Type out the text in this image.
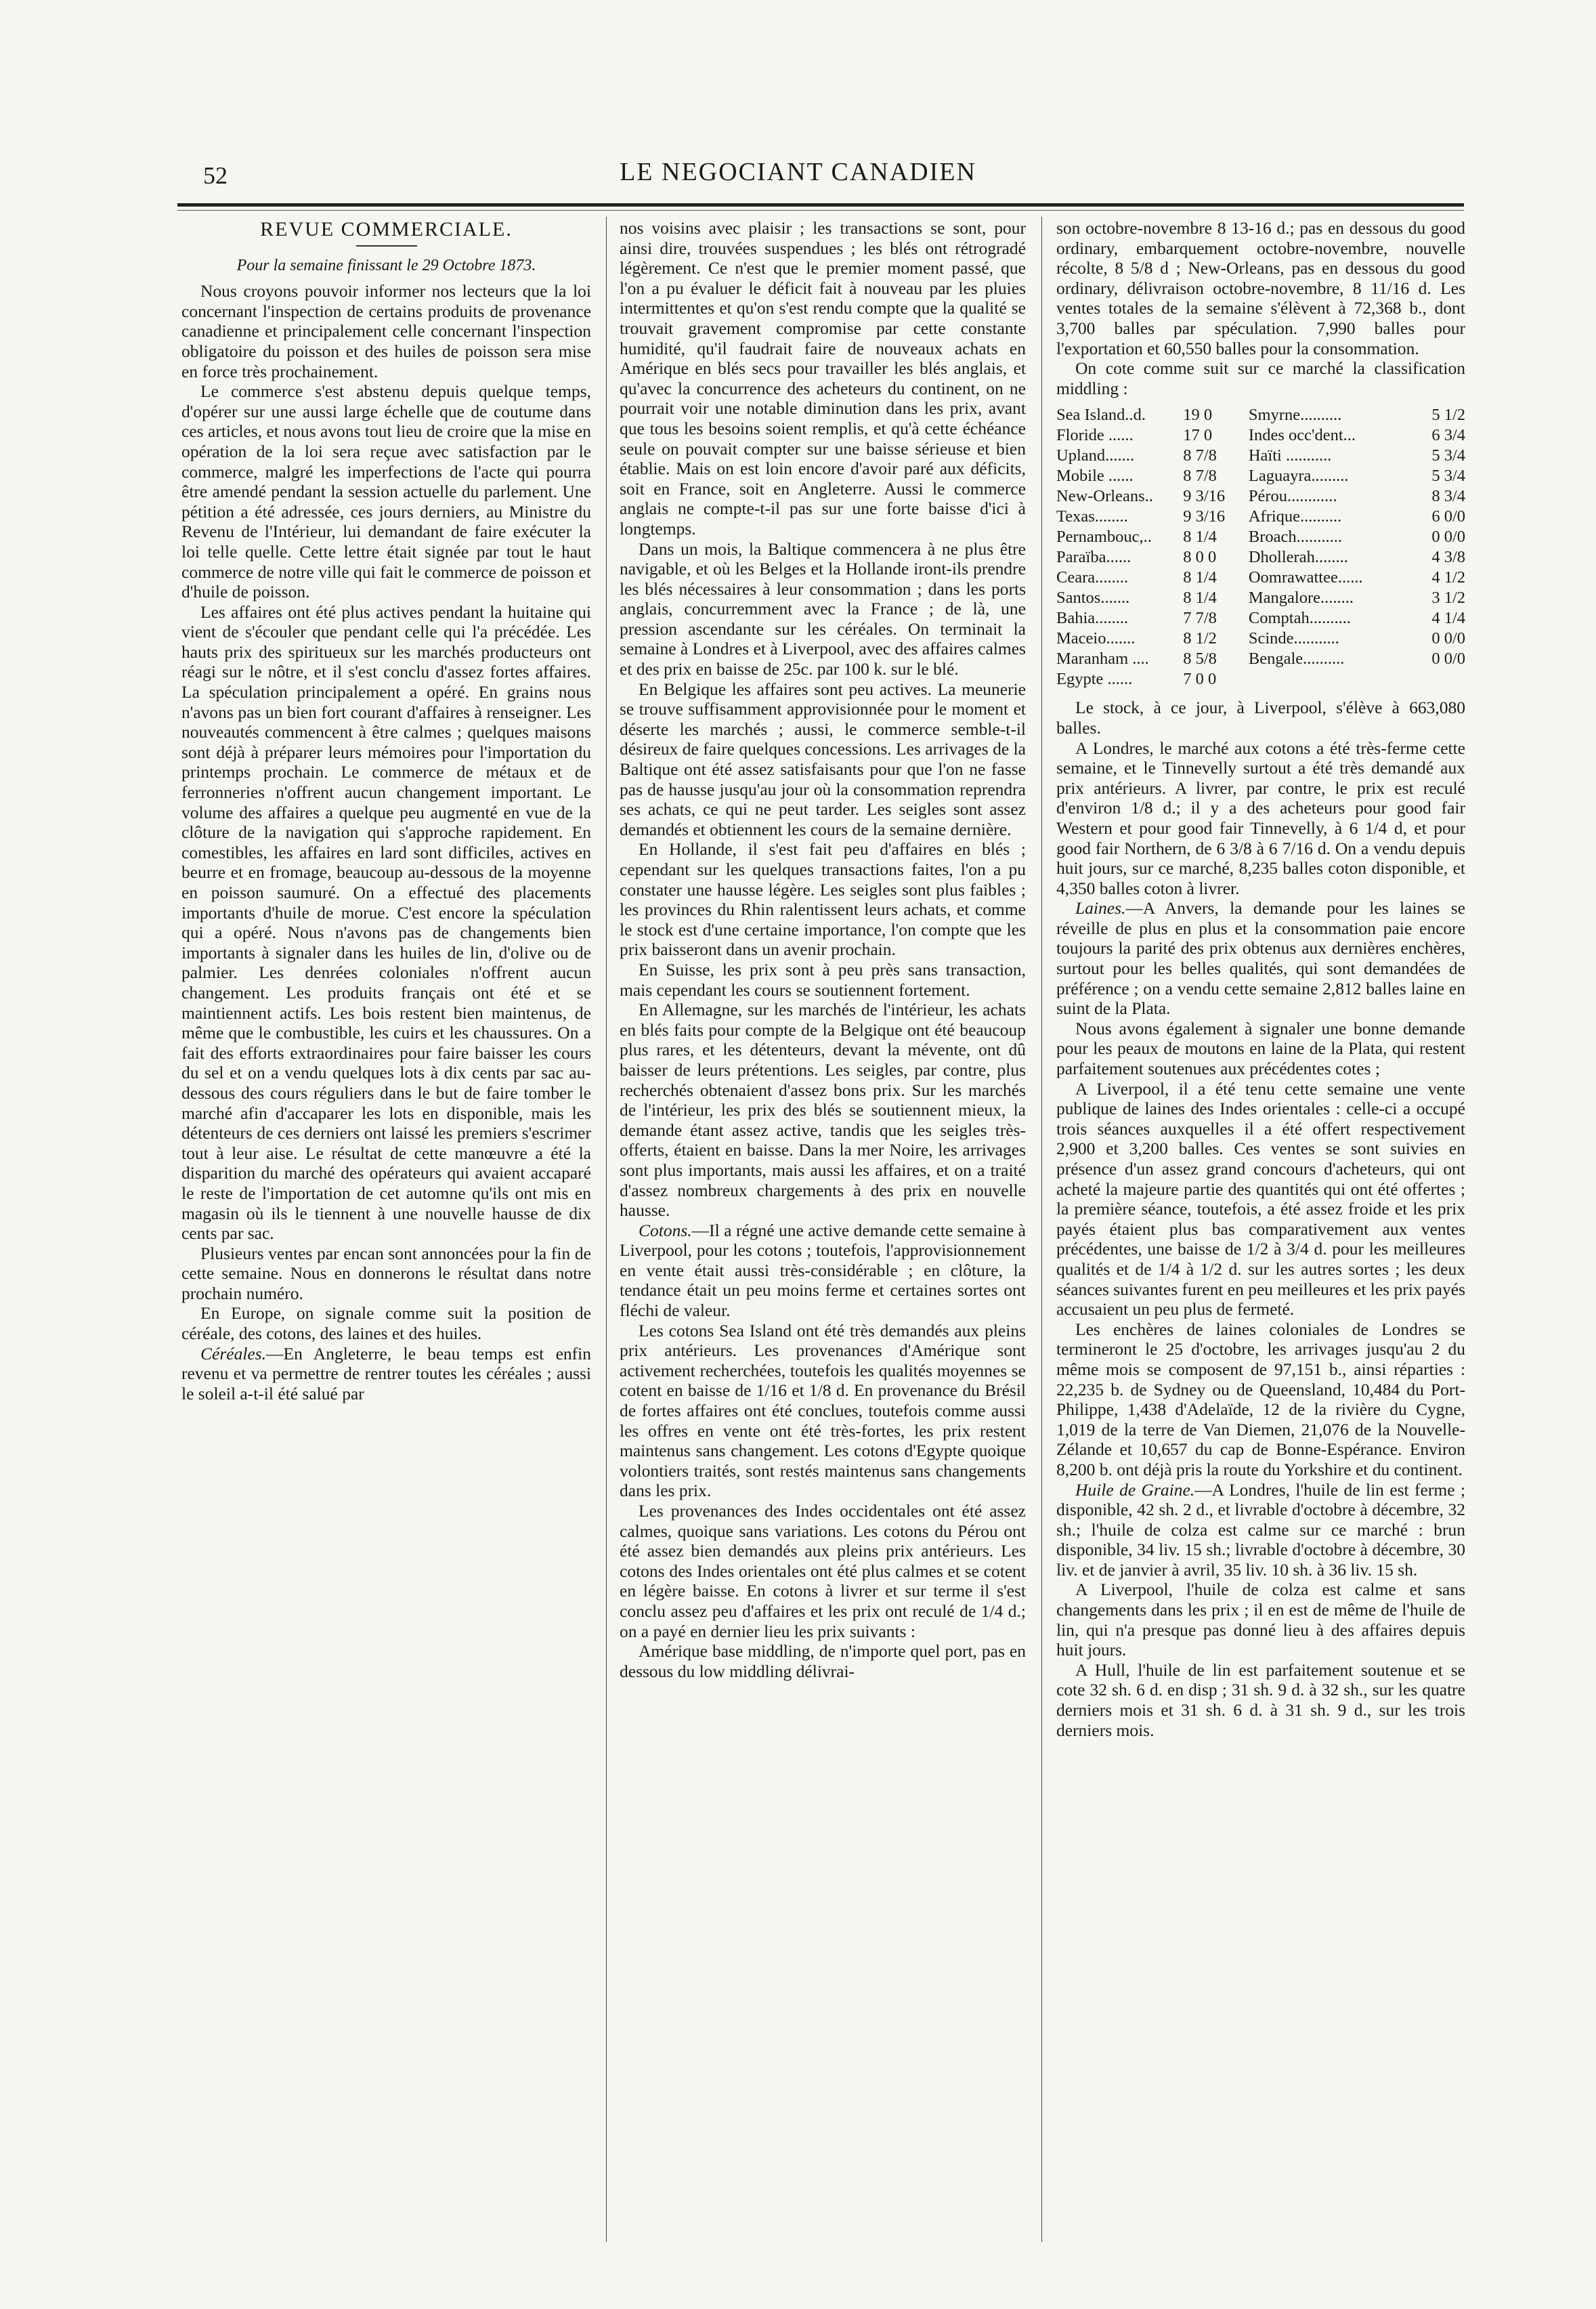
52	LE NEGOCIANT CANADIEN
REVUE COMMERCIALE.
Pour la semaine finissant le 29 Octobre 1873.

Nous croyons pouvoir informer nos lecteurs que la loi concernant l'inspection de certains produits de provenance canadienne et principalement celle concernant l'inspection obligatoire du poisson et des huiles de poisson sera mise en force très prochainement.

Le commerce s'est abstenu depuis quelque temps, d'opérer sur une aussi large échelle que de coutume dans ces articles, et nous avons tout lieu de croire que la mise en opération de la loi sera reçue avec satisfaction par le commerce, malgré les imperfections de l'acte qui pourra être amendé pendant la session actuelle du parlement. Une pétition a été adressée, ces jours derniers, au Ministre du Revenu de l'Intérieur, lui demandant de faire exécuter la loi telle quelle. Cette lettre était signée par tout le haut commerce de notre ville qui fait le commerce de poisson et d'huile de poisson.

Les affaires ont été plus actives pendant la huitaine qui vient de s'écouler que pendant celle qui l'a précédée. Les hauts prix des spiritueux sur les marchés producteurs ont réagi sur le nôtre, et il s'est conclu d'assez fortes affaires. La spéculation principalement a opéré. En grains nous n'avons pas un bien fort courant d'affaires à renseigner. Les nouveautés commencent à être calmes ; quelques maisons sont déjà à préparer leurs mémoires pour l'importation du printemps prochain. Le commerce de métaux et de ferronneries n'offrent aucun changement important. Le volume des affaires a quelque peu augmenté en vue de la clôture de la navigation qui s'approche rapidement. En comestibles, les affaires en lard sont difficiles, actives en beurre et en fromage, beaucoup au-dessous de la moyenne en poisson saumuré. On a effectué des placements importants d'huile de morue. C'est encore la spéculation qui a opéré. Nous n'avons pas de changements bien importants à signaler dans les huiles de lin, d'olive ou de palmier. Les denrées coloniales n'offrent aucun changement. Les produits français ont été et se maintiennent actifs. Les bois restent bien maintenus, de même que le combustible, les cuirs et les chaussures. On a fait des efforts extraordinaires pour faire baisser les cours du sel et on a vendu quelques lots à dix cents par sac au-dessous des cours réguliers dans le but de faire tomber le marché afin d'accaparer les lots en disponible, mais les détenteurs de ces derniers ont laissé les premiers s'escrimer tout à leur aise. Le résultat de cette manœuvre a été la disparition du marché des opérateurs qui avaient accaparé le reste de l'importation de cet automne qu'ils ont mis en magasin où ils le tiennent à une nouvelle hausse de dix cents par sac.

Plusieurs ventes par encan sont annoncées pour la fin de cette semaine. Nous en donnerons le résultat dans notre prochain numéro.

En Europe, on signale comme suit la position de céréale, des cotons, des laines et des huiles.

Céréales.—En Angleterre, le beau temps est enfin revenu et va permettre de rentrer toutes les céréales ; aussi le soleil a-t-il été salué par

nos voisins avec plaisir ; les transactions se sont, pour ainsi dire, trouvées suspendues ; les blés ont rétrogradé légèrement. Ce n'est que le premier moment passé, que l'on a pu évaluer le déficit fait à nouveau par les pluies intermittentes et qu'on s'est rendu compte que la qualité se trouvait gravement compromise par cette constante humidité, qu'il faudrait faire de nouveaux achats en Amérique en blés secs pour travailler les blés anglais, et qu'avec la concurrence des acheteurs du continent, on ne pourrait voir une notable diminution dans les prix, avant que tous les besoins soient remplis, et qu'à cette échéance seule on pouvait compter sur une baisse sérieuse et bien établie. Mais on est loin encore d'avoir paré aux déficits, soit en France, soit en Angleterre. Aussi le commerce anglais ne compte-t-il pas sur une forte baisse d'ici à longtemps.

Dans un mois, la Baltique commencera à ne plus être navigable, et où les Belges et la Hollande iront-ils prendre les blés nécessaires à leur consommation ; dans les ports anglais, concurremment avec la France ; de là, une pression ascendante sur les céréales. On terminait la semaine à Londres et à Liverpool, avec des affaires calmes et des prix en baisse de 25c. par 100 k. sur le blé.

En Belgique les affaires sont peu actives. La meunerie se trouve suffisamment approvisionnée pour le moment et déserte les marchés ; aussi, le commerce semble-t-il désireux de faire quelques concessions. Les arrivages de la Baltique ont été assez satisfaisants pour que l'on ne fasse pas de hausse jusqu'au jour où la consommation reprendra ses achats, ce qui ne peut tarder. Les seigles sont assez demandés et obtiennent les cours de la semaine dernière.

En Hollande, il s'est fait peu d'affaires en blés ; cependant sur les quelques transactions faites, l'on a pu constater une hausse légère. Les seigles sont plus faibles ; les provinces du Rhin ralentissent leurs achats, et comme le stock est d'une certaine importance, l'on compte que les prix baisseront dans un avenir prochain.

En Suisse, les prix sont à peu près sans transaction, mais cependant les cours se soutiennent fortement.

En Allemagne, sur les marchés de l'intérieur, les achats en blés faits pour compte de la Belgique ont été beaucoup plus rares, et les détenteurs, devant la mévente, ont dû baisser de leurs prétentions. Les seigles, par contre, plus recherchés obtenaient d'assez bons prix. Sur les marchés de l'intérieur, les prix des blés se soutiennent mieux, la demande étant assez active, tandis que les seigles très-offerts, étaient en baisse. Dans la mer Noire, les arrivages sont plus importants, mais aussi les affaires, et on a traité d'assez nombreux chargements à des prix en nouvelle hausse.

Cotons.—Il a régné une active demande cette semaine à Liverpool, pour les cotons ; toutefois, l'approvisionnement en vente était aussi très-considérable ; en clôture, la tendance était un peu moins ferme et certaines sortes ont fléchi de valeur.

Les cotons Sea Island ont été très demandés aux pleins prix antérieurs. Les provenances d'Amérique sont activement recherchées, toutefois les qualités moyennes se cotent en baisse de 1/16 et 1/8 d. En provenance du Brésil de fortes affaires ont été conclues, toutefois comme aussi les offres en vente ont été très-fortes, les prix restent maintenus sans changement. Les cotons d'Egypte quoique volontiers traités, sont restés maintenus sans changements dans les prix.

Les provenances des Indes occidentales ont été assez calmes, quoique sans variations. Les cotons du Pérou ont été assez bien demandés aux pleins prix antérieurs. Les cotons des Indes orientales ont été plus calmes et se cotent en légère baisse. En cotons à livrer et sur terme il s'est conclu assez peu d'affaires et les prix ont reculé de 1/4 d.; on a payé en dernier lieu les prix suivants :

Amérique base middling, de n'importe quel port, pas en dessous du low middling délivrai-

son octobre-novembre 8 13-16 d.; pas en dessous du good ordinary, embarquement octobre-novembre, nouvelle récolte, 8 5/8 d ; New-Orleans, pas en dessous du good ordinary, délivraison octobre-novembre, 8 11/16 d. Les ventes totales de la semaine s'élèvent à 72,368 b., dont 3,700 balles par spéculation. 7,990 balles pour l'exportation et 60,550 balles pour la consommation.

On cote comme suit sur ce marché la classification middling :

Sea Island..d.	19 0	Smyrne..........	5 1/2
Floride ......	17 0	Indes occ'dent...	6 3/4
Upland.......	8 7/8	Haïti ...........	5 3/4
Mobile ......	8 7/8	Laguayra.........	5 3/4
New-Orleans..	9 3/16	Pérou............	8 3/4
Texas........	9 3/16	Afrique..........	6 0/0
Pernambouc,..	8 1/4	Broach...........	0 0/0
Paraïba......	8 0 0	Dhollerah........	4 3/8
Ceara........	8 1/4	Oomrawattee......	4 1/2
Santos.......	8 1/4	Mangalore........	3 1/2
Bahia........	7 7/8	Comptah..........	4 1/4
Maceio.......	8 1/2	Scinde...........	0 0/0
Maranham ....	8 5/8	Bengale..........	0 0/0
Egypte ......	7 0 0		

Le stock, à ce jour, à Liverpool, s'élève à 663,080 balles.

A Londres, le marché aux cotons a été très-ferme cette semaine, et le Tinnevelly surtout a été très demandé aux prix antérieurs. A livrer, par contre, le prix est reculé d'environ 1/8 d.; il y a des acheteurs pour good fair Western et pour good fair Tinnevelly, à 6 1/4 d, et pour good fair Northern, de 6 3/8 à 6 7/16 d. On a vendu depuis huit jours, sur ce marché, 8,235 balles coton disponible, et 4,350 balles coton à livrer.

Laines.—A Anvers, la demande pour les laines se réveille de plus en plus et la consommation paie encore toujours la parité des prix obtenus aux dernières enchères, surtout pour les belles qualités, qui sont demandées de préférence ; on a vendu cette semaine 2,812 balles laine en suint de la Plata.

Nous avons également à signaler une bonne demande pour les peaux de moutons en laine de la Plata, qui restent parfaitement soutenues aux précédentes cotes ;

A Liverpool, il a été tenu cette semaine une vente publique de laines des Indes orientales : celle-ci a occupé trois séances auxquelles il a été offert respectivement 2,900 et 3,200 balles. Ces ventes se sont suivies en présence d'un assez grand concours d'acheteurs, qui ont acheté la majeure partie des quantités qui ont été offertes ; la première séance, toutefois, a été assez froide et les prix payés étaient plus bas comparativement aux ventes précédentes, une baisse de 1/2 à 3/4 d. pour les meilleures qualités et de 1/4 à 1/2 d. sur les autres sortes ; les deux séances suivantes furent en peu meilleures et les prix payés accusaient un peu plus de fermeté.

Les enchères de laines coloniales de Londres se termineront le 25 d'octobre, les arrivages jusqu'au 2 du même mois se composent de 97,151 b., ainsi réparties : 22,235 b. de Sydney ou de Queensland, 10,484 du Port-Philippe, 1,438 d'Adelaïde, 12 de la rivière du Cygne, 1,019 de la terre de Van Diemen, 21,076 de la Nouvelle-Zélande et 10,657 du cap de Bonne-Espérance. Environ 8,200 b. ont déjà pris la route du Yorkshire et du continent.

Huile de Graine.—A Londres, l'huile de lin est ferme ; disponible, 42 sh. 2 d., et livrable d'octobre à décembre, 32 sh.; l'huile de colza est calme sur ce marché : brun disponible, 34 liv. 15 sh.; livrable d'octobre à décembre, 30 liv. et de janvier à avril, 35 liv. 10 sh. à 36 liv. 15 sh.

A Liverpool, l'huile de colza est calme et sans changements dans les prix ; il en est de même de l'huile de lin, qui n'a presque pas donné lieu à des affaires depuis huit jours.

A Hull, l'huile de lin est parfaitement soutenue et se cote 32 sh. 6 d. en disp ; 31 sh. 9 d. à 32 sh., sur les quatre derniers mois et 31 sh. 6 d. à 31 sh. 9 d., sur les trois derniers mois.
